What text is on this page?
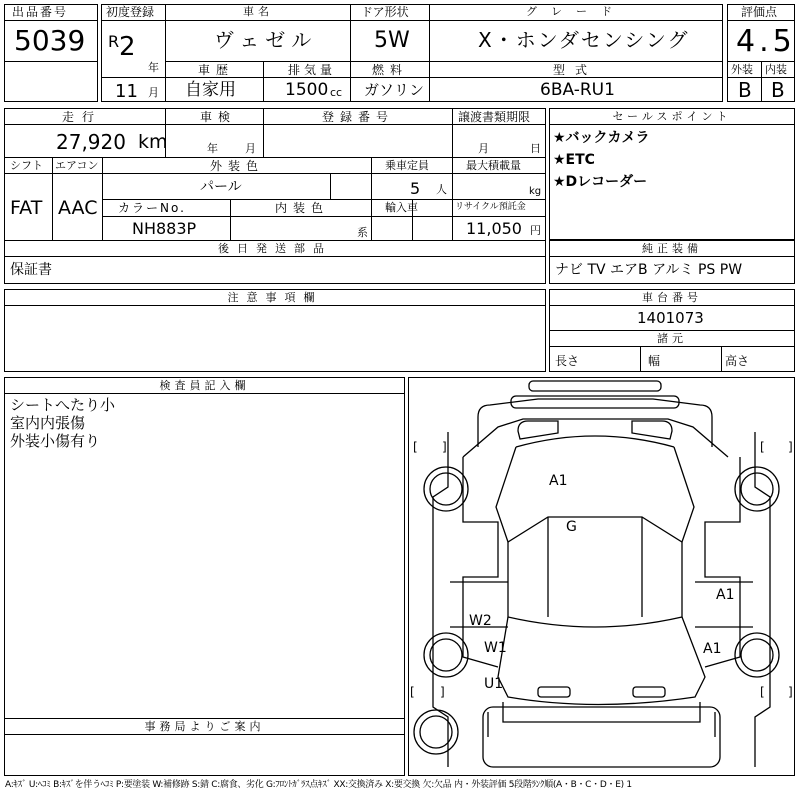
出品番号
5039
初度登録
R 2
年
11 月
車名
ヴェゼル
ドア形状
5W
グレード
X・ホンダセンシング
評価点
4.5
外装 内装
B B
車歴
自家用
排気量
1500 cc
燃料
ガソリン
型式
6BA-RU1
走行
27,920 km
車検
年 月
登録番号	譲渡書類期限
月	日
シフト エアコン
FAT AAC
外装色
パール
カラーNo.
NH883P
内装色
系
乗車定員
5 人
最大積載量
kg
輸入車	リサイクル預託金
11,050 円
後日発送部品
保証書
セールスポイント
★バックカメラ
★ETC
★Dレコーダー
純正装備
ナビ TV エアB アルミ PS PW
注意事項欄	車台番号
1401073
諸元
長さ	幅	高さ
検査員記入欄
シートへたり小
室内内張傷
外装小傷有り
事務局よりご案内
[ ]	[ ]
[ ]	[ ]
A1
G
A1
W2
W1	A1
U1
A:ｷｽﾞ U:ﾍｺﾐ B:ｷｽﾞを伴うﾍｺﾐ P:要塗装 W:補修跡 S:錆 C:腐食、劣化 G:ﾌﾛﾝﾄｶﾞﾗｽ点ｷｽﾞ XX:交換済み X:要交換 欠:欠品 内・外装評価 5段階ﾗﾝｸ順(A・B・C・D・E) 1
